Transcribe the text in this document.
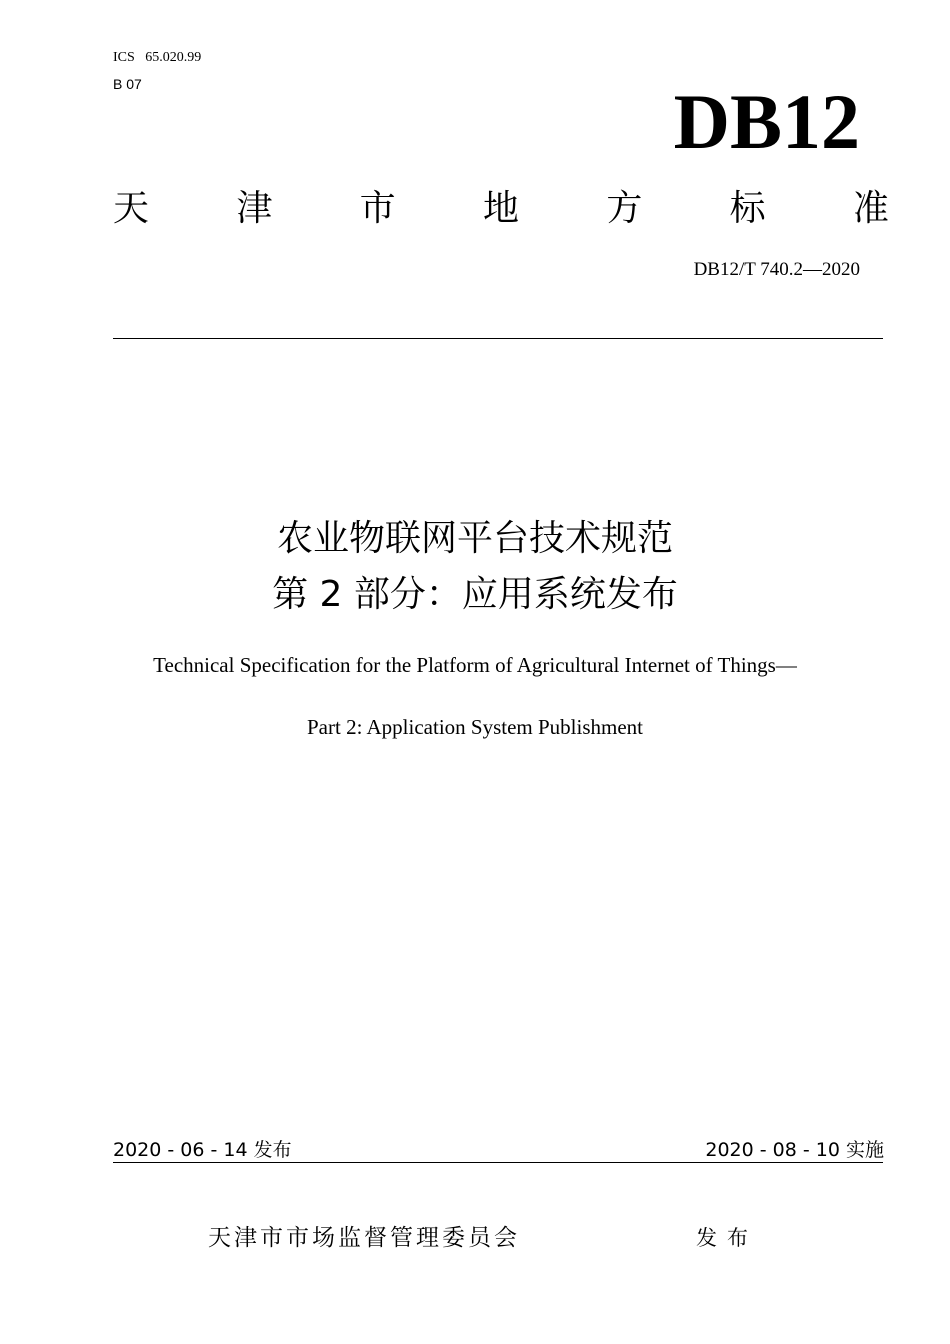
ICS   65.020.99
B 07	DB12
天 津 市 地 方 标 准
DB12/T 740.2—2020
农业物联网平台技术规范
第 2 部分：应用系统发布
Technical Specification for the Platform of Agricultural Internet of Things—
Part 2: Application System Publishment
2020 - 06 - 14 发布	2020 - 08 - 10 实施
天津市市场监督管理委员会	发布
